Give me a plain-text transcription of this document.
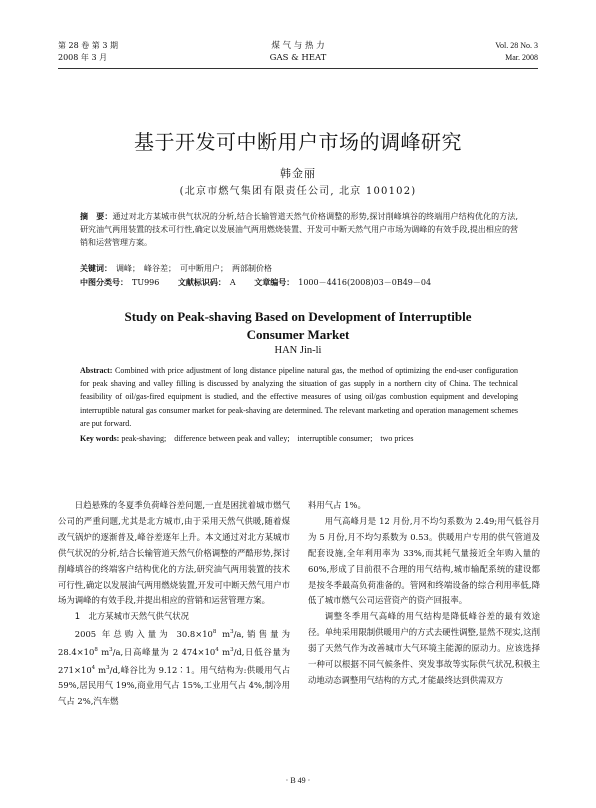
第 28 卷 第 3 期
2008 年 3 月
煤 气 与 热 力
GAS & HEAT
Vol. 28 No. 3
Mar. 2008
基于开发可中断用户市场的调峰研究
韩金丽
(北京市燃气集团有限责任公司, 北京 100102)
摘　要：通过对北方某城市供气状况的分析,结合长输管道天然气价格调整的形势,探讨削峰填谷的终端用户结构优化的方法,研究油气两用装置的技术可行性,确定以发展油气两用燃烧装置、开发可中断天然气用户市场为调峰的有效手段,提出相应的营销和运营管理方案。
关键词： 调峰；　峰谷差；　可中断用户；　两部制价格
中图分类号： TU996 文献标识码： A 文章编号： 1000－4416(2008)03－0B49－04
Study on Peak-shaving Based on Development of Interruptible
Consumer Market
HAN Jin-li
Abstract: Combined with price adjustment of long distance pipeline natural gas, the method of optimizing the end-user configuration for peak shaving and valley filling is discussed by analyzing the situation of gas supply in a northern city of China. The technical feasibility of oil/gas-fired equipment is studied, and the effective measures of using oil/gas combustion equipment and developing interruptible natural gas consumer market for peak-shaving are determined. The relevant marketing and operation management schemes are put forward.
Key words: peak-shaving;　difference between peak and valley;　interruptible consumer;　two prices

日趋悬殊的冬夏季负荷峰谷差问题,一直是困扰着城市燃气公司的严重问题,尤其是北方城市,由于采用天然气供暖,随着煤改气锅炉的逐渐普及,峰谷差逐年上升。本文通过对北方某城市供气状况的分析,结合长输管道天然气价格调整的严酷形势,探讨削峰填谷的终端客户结构优化的方法,研究油气两用装置的技术可行性,确定以发展油气两用燃烧装置,开发可中断天然气用户市场为调峰的有效手段,并提出相应的营销和运营管理方案。

1　北方某城市天然气供气状况

2005 年总购入量为 $30.8\times 10^8$ $m^3/a$,销售量为 $28.4\times 10^8$ $m^3/a$,日高峰量为 2 $474\times 10^4$ $m^3/d$,日低谷量为 $271\times 10^4$ $m^3/d$,峰谷比为 9.12∶1。用气结构为:供暖用气占 59%,居民用气 19%,商业用气占 15%,工业用气占 4%,制冷用气占 2%,汽车燃

料用气占 1%。

用气高峰月是 12 月份,月不均匀系数为 2.49;用气低谷月为 5 月份,月不均匀系数为 0.53。供暖用户专用的供气管道及配套设施,全年利用率为 33%,而其耗气量接近全年购入量的 60%,形成了目前很不合理的用气结构,城市输配系统的建设都是按冬季最高负荷准备的。管网和终端设备的综合利用率低,降低了城市燃气公司运营资产的资产回报率。

调整冬季用气高峰的用气结构是降低峰谷差的最有效途径。单纯采用限制供暖用户的方式去硬性调整,显然不现实,这削弱了天然气作为改善城市大气环境主能源的原动力。应该选择一种可以根据不同气候条件、突发事故等实际供气状况,积极主动地动态调整用气结构的方式,才能最终达到供需双方

· B 49 ·
